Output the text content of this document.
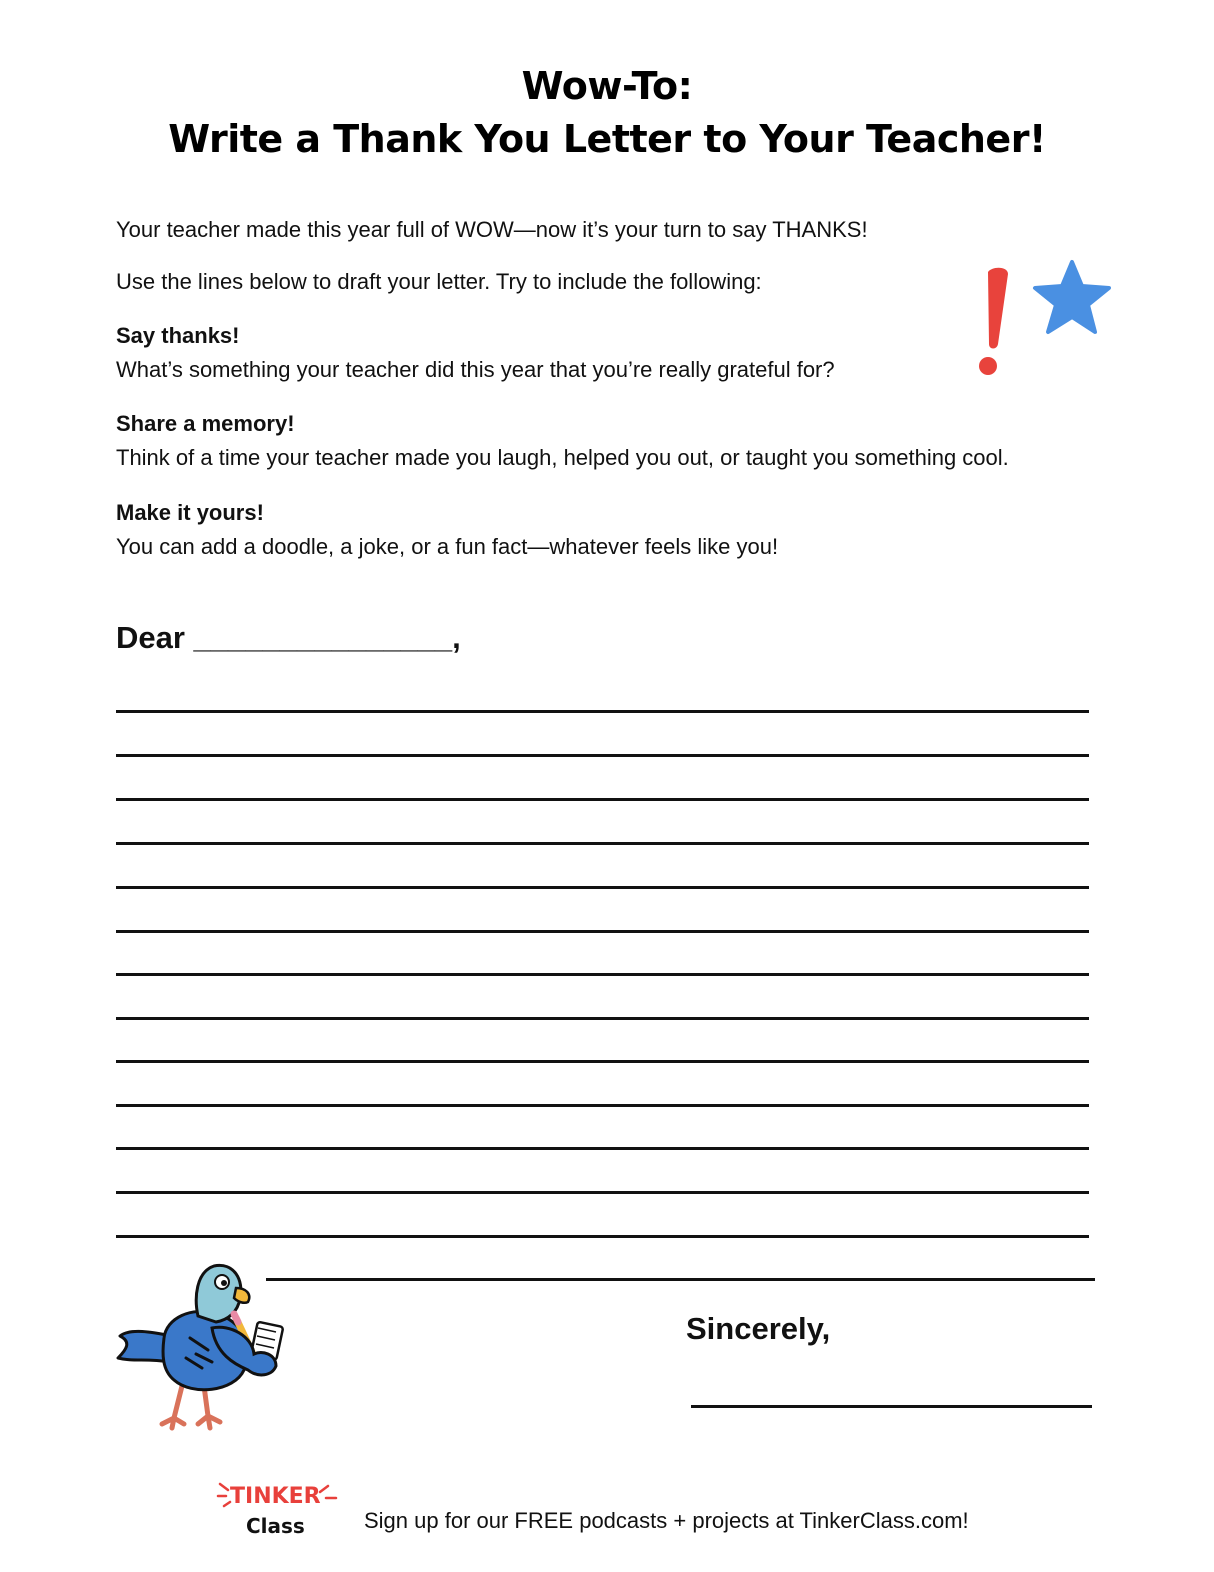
Wow-To:
Write a Thank You Letter to Your Teacher!
Your teacher made this year full of WOW—now it’s your turn to say THANKS!
Use the lines below to draft your letter. Try to include the following:
Say thanks!
What’s something your teacher did this year that you’re really grateful for?
Share a memory!
Think of a time your teacher made you laugh, helped you out, or taught you something cool.
Make it yours!
You can add a doodle, a joke, or a fun fact—whatever feels like you!
Dear _______________,
Sincerely,
TINKER
Class	Sign up for our FREE podcasts + projects at TinkerClass.com!
